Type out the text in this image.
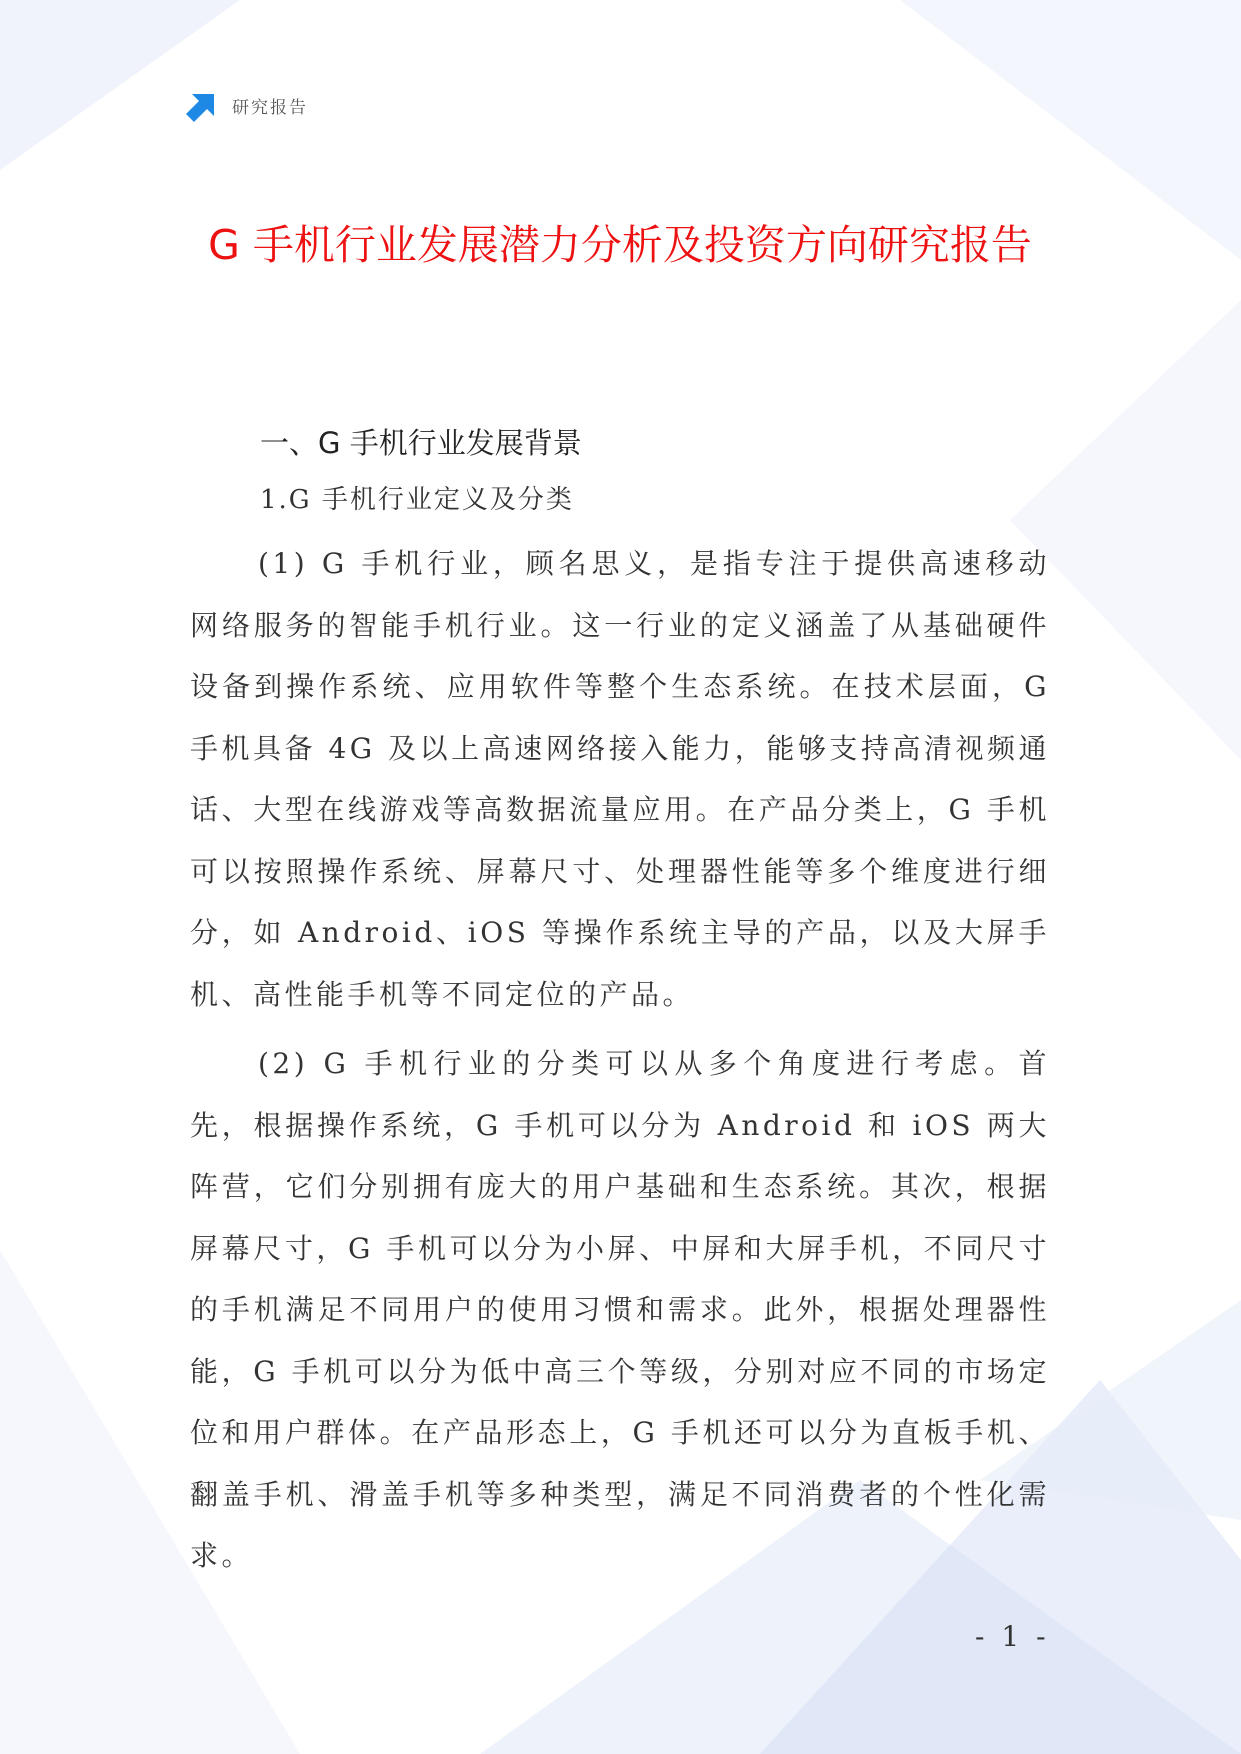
研究报告
G 手机行业发展潜力分析及投资方向研究报告
一、G 手机行业发展背景
1.G 手机行业定义及分类

(1) G 手机行业，顾名思义，是指专注于提供高速移动网络服务的智能手机行业。这一行业的定义涵盖了从基础硬件设备到操作系统、应用软件等整个生态系统。在技术层面，G 手机具备 4G 及以上高速网络接入能力，能够支持高清视频通话、大型在线游戏等高数据流量应用。在产品分类上，G 手机可以按照操作系统、屏幕尺寸、处理器性能等多个维度进行细分，如 Android、iOS 等操作系统主导的产品，以及大屏手机、高性能手机等不同定位的产品。

(2) G 手机行业的分类可以从多个角度进行考虑。首先，根据操作系统，G 手机可以分为 Android 和 iOS 两大阵营，它们分别拥有庞大的用户基础和生态系统。其次，根据屏幕尺寸，G 手机可以分为小屏、中屏和大屏手机，不同尺寸的手机满足不同用户的使用习惯和需求。此外，根据处理器性能，G 手机可以分为低中高三个等级，分别对应不同的市场定位和用户群体。在产品形态上，G 手机还可以分为直板手机、翻盖手机、滑盖手机等多种类型，满足不同消费者的个性化需求。

- 1 -
